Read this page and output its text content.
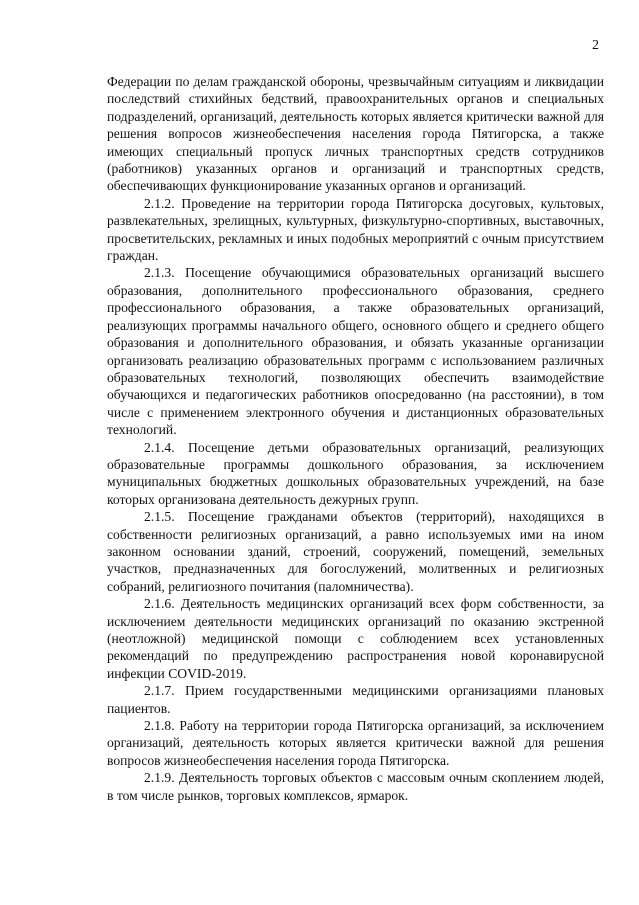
2

Федерации по делам гражданской обороны, чрезвычайным ситуациям и ликвидации последствий стихийных бедствий, правоохранительных органов и специальных подразделений, организаций, деятельность которых является критически важной для решения вопросов жизнеобеспечения населения города Пятигорска, а также имеющих специальный пропуск личных транспортных средств сотрудников (работников) указанных органов и организаций и транспортных средств, обеспечивающих функционирование указанных органов и организаций.

2.1.2. Проведение на территории города Пятигорска досуговых, культовых, развлекательных, зрелищных, культурных, физкультурно-спортивных, выставочных, просветительских, рекламных и иных подобных мероприятий с очным присутствием граждан.

2.1.3. Посещение обучающимися образовательных организаций высшего образования, дополнительного профессионального образования, среднего профессионального образования, а также образовательных организаций, реализующих программы начального общего, основного общего и среднего общего образования и дополнительного образования, и обязать указанные организации организовать реализацию образовательных программ с использованием различных образовательных технологий, позволяющих обеспечить взаимодействие обучающихся и педагогических работников опосредованно (на расстоянии), в том числе с применением электронного обучения и дистанционных образовательных технологий.

2.1.4. Посещение детьми образовательных организаций, реализующих образовательные программы дошкольного образования, за исключением муниципальных бюджетных дошкольных образовательных учреждений, на базе которых организована деятельность дежурных групп.

2.1.5. Посещение гражданами объектов (территорий), находящихся в собственности религиозных организаций, а равно используемых ими на ином законном основании зданий, строений, сооружений, помещений, земельных участков, предназначенных для богослужений, молитвенных и религиозных собраний, религиозного почитания (паломничества).

2.1.6. Деятельность медицинских организаций всех форм собственности, за исключением деятельности медицинских организаций по оказанию экстренной (неотложной) медицинской помощи с соблюдением всех установленных рекомендаций по предупреждению распространения новой коронавирусной инфекции COVID-2019.

2.1.7. Прием государственными медицинскими организациями плановых пациентов.

2.1.8. Работу на территории города Пятигорска организаций, за исключением организаций, деятельность которых является критически важной для решения вопросов жизнеобеспечения населения города Пятигорска.

2.1.9. Деятельность торговых объектов с массовым очным скоплением людей, в том числе рынков, торговых комплексов, ярмарок.
